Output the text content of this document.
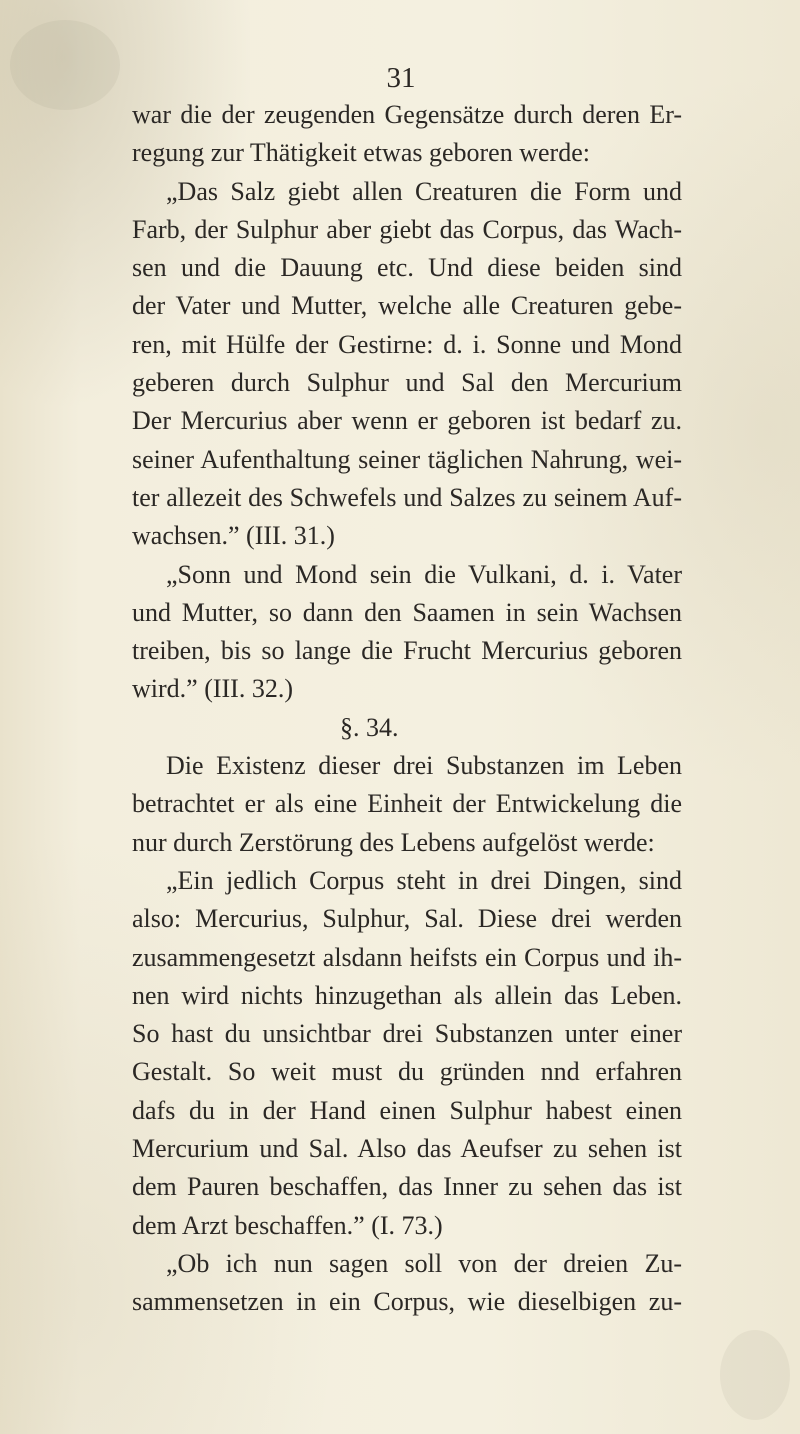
31
war die der zeugenden Gegensätze durch deren Er-
regung zur Thätigkeit etwas geboren werde:
„Das Salz giebt allen Creaturen die Form und
Farb, der Sulphur aber giebt das Corpus, das Wach-
sen und die Dauung etc. Und diese beiden sind
der Vater und Mutter, welche alle Creaturen gebe-
ren, mit Hülfe der Gestirne: d. i. Sonne und Mond
geberen durch Sulphur und Sal den Mercurium
Der Mercurius aber wenn er geboren ist bedarf zu.
seiner Aufenthaltung seiner täglichen Nahrung, wei-
ter allezeit des Schwefels und Salzes zu seinem Auf-
wachsen.” (III. 31.)
„Sonn und Mond sein die Vulkani, d. i. Vater
und Mutter, so dann den Saamen in sein Wachsen
treiben, bis so lange die Frucht Mercurius geboren
wird.” (III. 32.)
§. 34.
Die Existenz dieser drei Substanzen im Leben
betrachtet er als eine Einheit der Entwickelung die
nur durch Zerstörung des Lebens aufgelöst werde:
„Ein jedlich Corpus steht in drei Dingen, sind
also: Mercurius, Sulphur, Sal. Diese drei werden
zusammengesetzt alsdann heifsts ein Corpus und ih-
nen wird nichts hinzugethan als allein das Leben.
So hast du unsichtbar drei Substanzen unter einer
Gestalt. So weit must du gründen nnd erfahren
dafs du in der Hand einen Sulphur habest einen
Mercurium und Sal. Also das Aeufser zu sehen ist
dem Pauren beschaffen, das Inner zu sehen das ist
dem Arzt beschaffen.” (I. 73.)
„Ob ich nun sagen soll von der dreien Zu-
sammensetzen in ein Corpus, wie dieselbigen zu-
